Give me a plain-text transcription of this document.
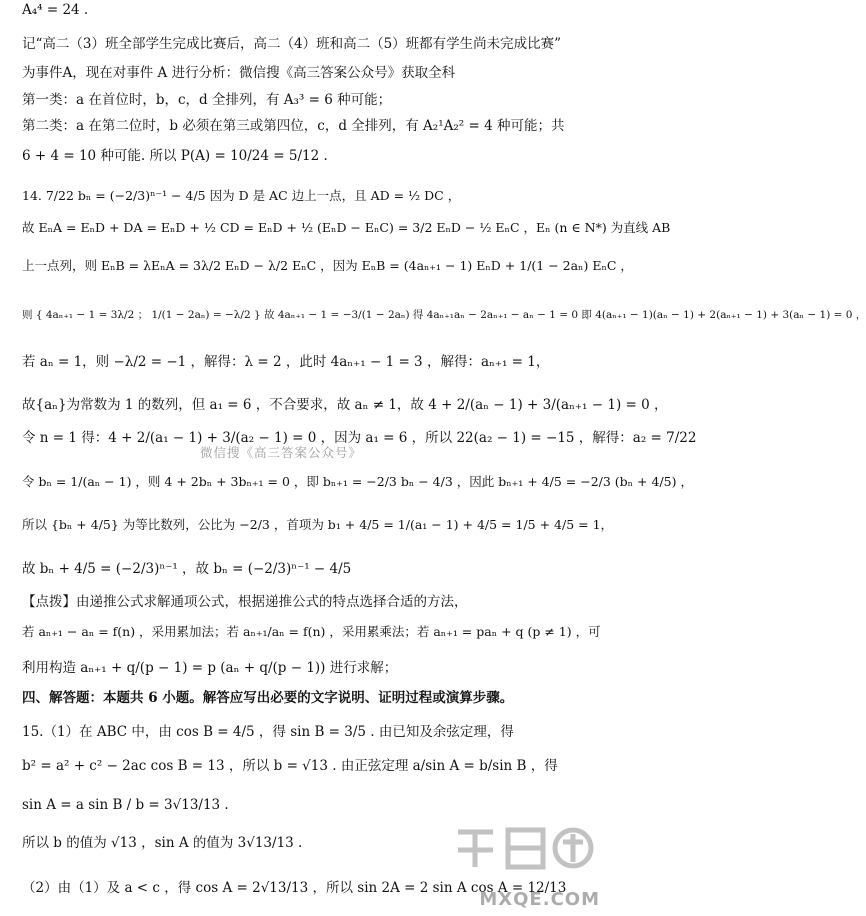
A₄⁴ = 24 .
记“高二（3）班全部学生完成比赛后，高二（4）班和高二（5）班都有学生尚未完成比赛”
为事件A，现在对事件 A 进行分析：微信搜《高三答案公众号》获取全科
第一类：a 在首位时，b，c，d 全排列，有 A₃³ = 6 种可能；
第二类：a 在第二位时，b 必须在第三或第四位，c，d 全排列，有 A₂¹A₂² = 4 种可能；共
6 + 4 = 10 种可能. 所以 P(A) = 10/24 = 5/12 .
14. 7/22 bₙ = (−2/3)ⁿ⁻¹ − 4/5 因为 D 是 AC 边上一点，且 AD = ½ DC ，
故 EₙA = EₙD + DA = EₙD + ½ CD = EₙD + ½ (EₙD − EₙC) = 3/2 EₙD − ½ EₙC ，Eₙ (n ∈ N*) 为直线 AB
上一点列，则 EₙB = λEₙA = 3λ/2 EₙD − λ/2 EₙC ，因为 EₙB = (4aₙ₊₁ − 1) EₙD + 1/(1 − 2aₙ) EₙC ，
则 { 4aₙ₊₁ − 1 = 3λ/2 ； 1/(1 − 2aₙ) = −λ/2 } 故 4aₙ₊₁ − 1 = −3/(1 − 2aₙ) 得 4aₙ₊₁aₙ − 2aₙ₊₁ − aₙ − 1 = 0 即 4(aₙ₊₁ − 1)(aₙ − 1) + 2(aₙ₊₁ − 1) + 3(aₙ − 1) = 0 ，
若 aₙ = 1，则 −λ/2 = −1 ，解得：λ = 2 ，此时 4aₙ₊₁ − 1 = 3 ，解得：aₙ₊₁ = 1，
故{aₙ}为常数为 1 的数列，但 a₁ = 6 ，不合要求，故 aₙ ≠ 1，故 4 + 2/(aₙ − 1) + 3/(aₙ₊₁ − 1) = 0 ，
令 n = 1 得：4 + 2/(a₁ − 1) + 3/(a₂ − 1) = 0 ，因为 a₁ = 6 ，所以 22(a₂ − 1) = −15 ，解得：a₂ = 7/22
令 bₙ = 1/(aₙ − 1) ，则 4 + 2bₙ + 3bₙ₊₁ = 0 ，即 bₙ₊₁ = −2/3 bₙ − 4/3 ，因此 bₙ₊₁ + 4/5 = −2/3 (bₙ + 4/5) ，
所以 {bₙ + 4/5} 为等比数列，公比为 −2/3 ，首项为 b₁ + 4/5 = 1/(a₁ − 1) + 4/5 = 1/5 + 4/5 = 1，
故 bₙ + 4/5 = (−2/3)ⁿ⁻¹ ，故 bₙ = (−2/3)ⁿ⁻¹ − 4/5
【点拨】由递推公式求解通项公式，根据递推公式的特点选择合适的方法，
若 aₙ₊₁ − aₙ = f(n) ，采用累加法；若 aₙ₊₁/aₙ = f(n) ，采用累乘法；若 aₙ₊₁ = paₙ + q (p ≠ 1) ，可
利用构造 aₙ₊₁ + q/(p − 1) = p (aₙ + q/(p − 1)) 进行求解；
四、解答题：本题共 6 小题。解答应写出必要的文字说明、证明过程或演算步骤。
15.（1）在 ABC 中，由 cos B = 4/5 ，得 sin B = 3/5 . 由已知及余弦定理，得
b² = a² + c² − 2ac cos B = 13 ，所以 b = √13 . 由正弦定理 a/sin A = b/sin B ，得
sin A = a sin B / b = 3√13/13 .
所以 b 的值为 √13 ，sin A 的值为 3√13/13 .
（2）由（1）及 a < c ，得 cos A = 2√13/13 ，所以 sin 2A = 2 sin A cos A = 12/13
微信搜《高三答案公众号》
MXQE.COM
